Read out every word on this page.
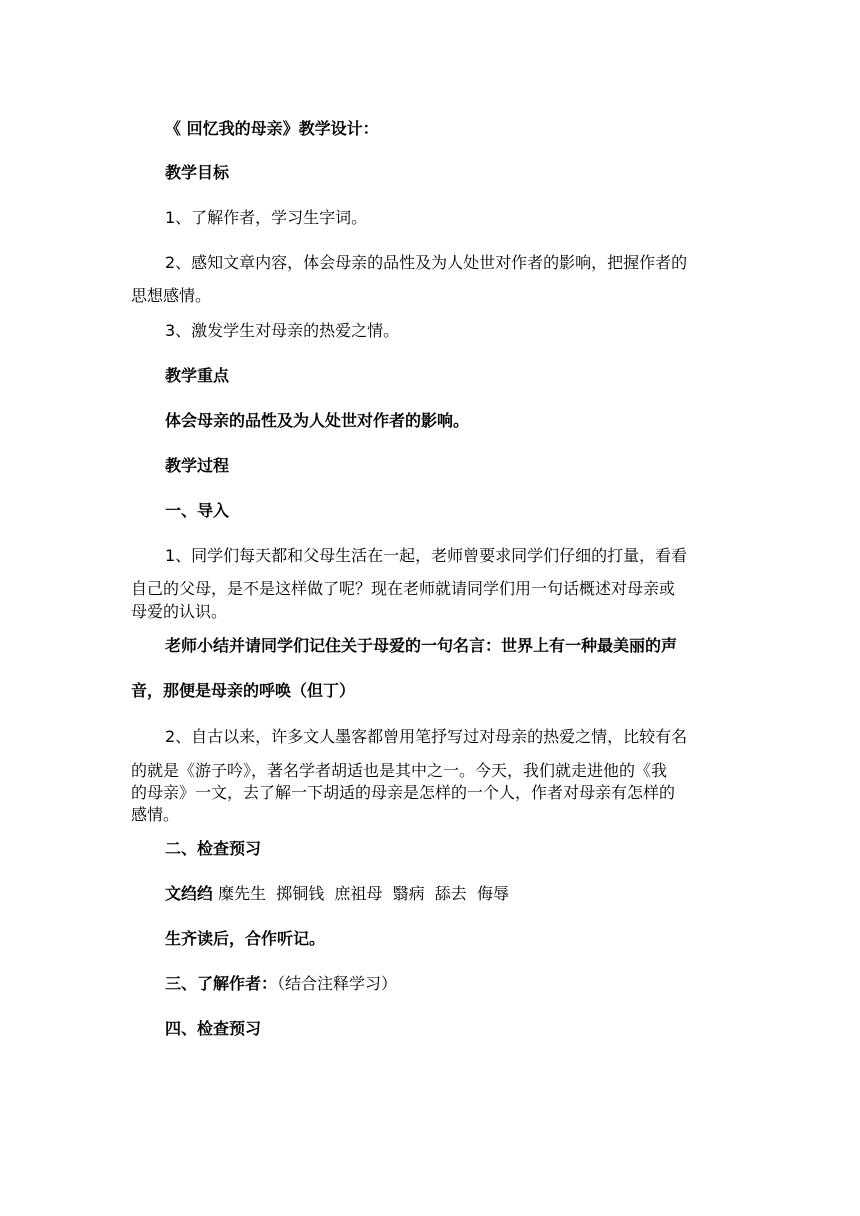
《 回忆我的母亲》教学设计：
教学目标
1、了解作者，学习生字词。
2、感知文章内容，体会母亲的品性及为人处世对作者的影响，把握作者的
思想感情。
3、激发学生对母亲的热爱之情。
教学重点
体会母亲的品性及为人处世对作者的影响。
教学过程
一、导入
1、同学们每天都和父母生活在一起，老师曾要求同学们仔细的打量，看看
自己的父母，是不是这样做了呢？现在老师就请同学们用一句话概述对母亲或
母爱的认识。
老师小结并请同学们记住关于母爱的一句名言：世界上有一种最美丽的声
音，那便是母亲的呼唤（但丁）
2、自古以来，许多文人墨客都曾用笔抒写过对母亲的热爱之情，比较有名
的就是《游子吟》，著名学者胡适也是其中之一。今天，我们就走进他的《我
的母亲》一文，去了解一下胡适的母亲是怎样的一个人，作者对母亲有怎样的
感情。
二、检查预习
文绉绉 糜先生  掷铜钱  庶祖母  翳病  舔去  侮辱
生齐读后，合作听记。
三、了解作者：（结合注释学习）
四、检查预习
